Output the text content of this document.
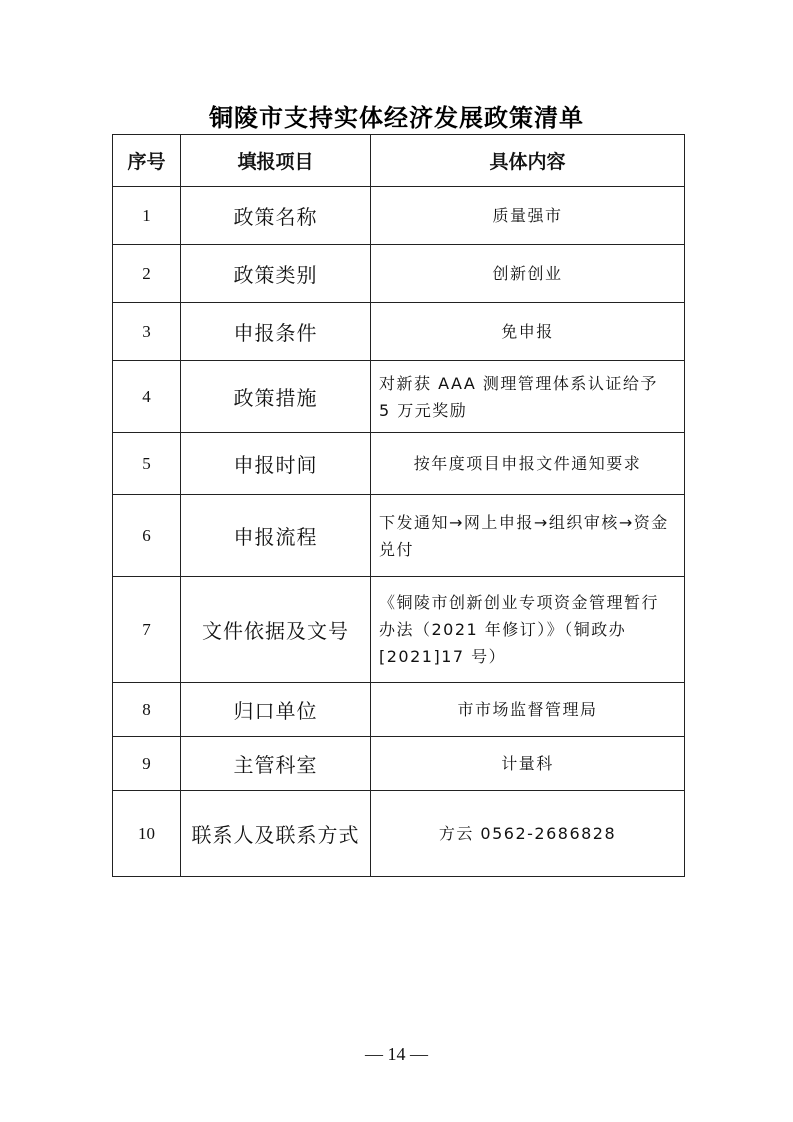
铜陵市支持实体经济发展政策清单
序号	填报项目	具体内容
1	政策名称	质量强市
2	政策类别	创新创业
3	申报条件	免申报
4	政策措施	对新获 AAA 测理管理体系认证给予 5 万元奖励
5	申报时间	按年度项目申报文件通知要求
6	申报流程	下发通知→网上申报→组织审核→资金兑付
7	文件依据及文号	《铜陵市创新创业专项资金管理暂行办法（2021 年修订）》（铜政办[2021]17 号）
8	归口单位	市市场监督管理局
9	主管科室	计量科
10	联系人及联系方式	方云 0562-2686828
— 14 —
